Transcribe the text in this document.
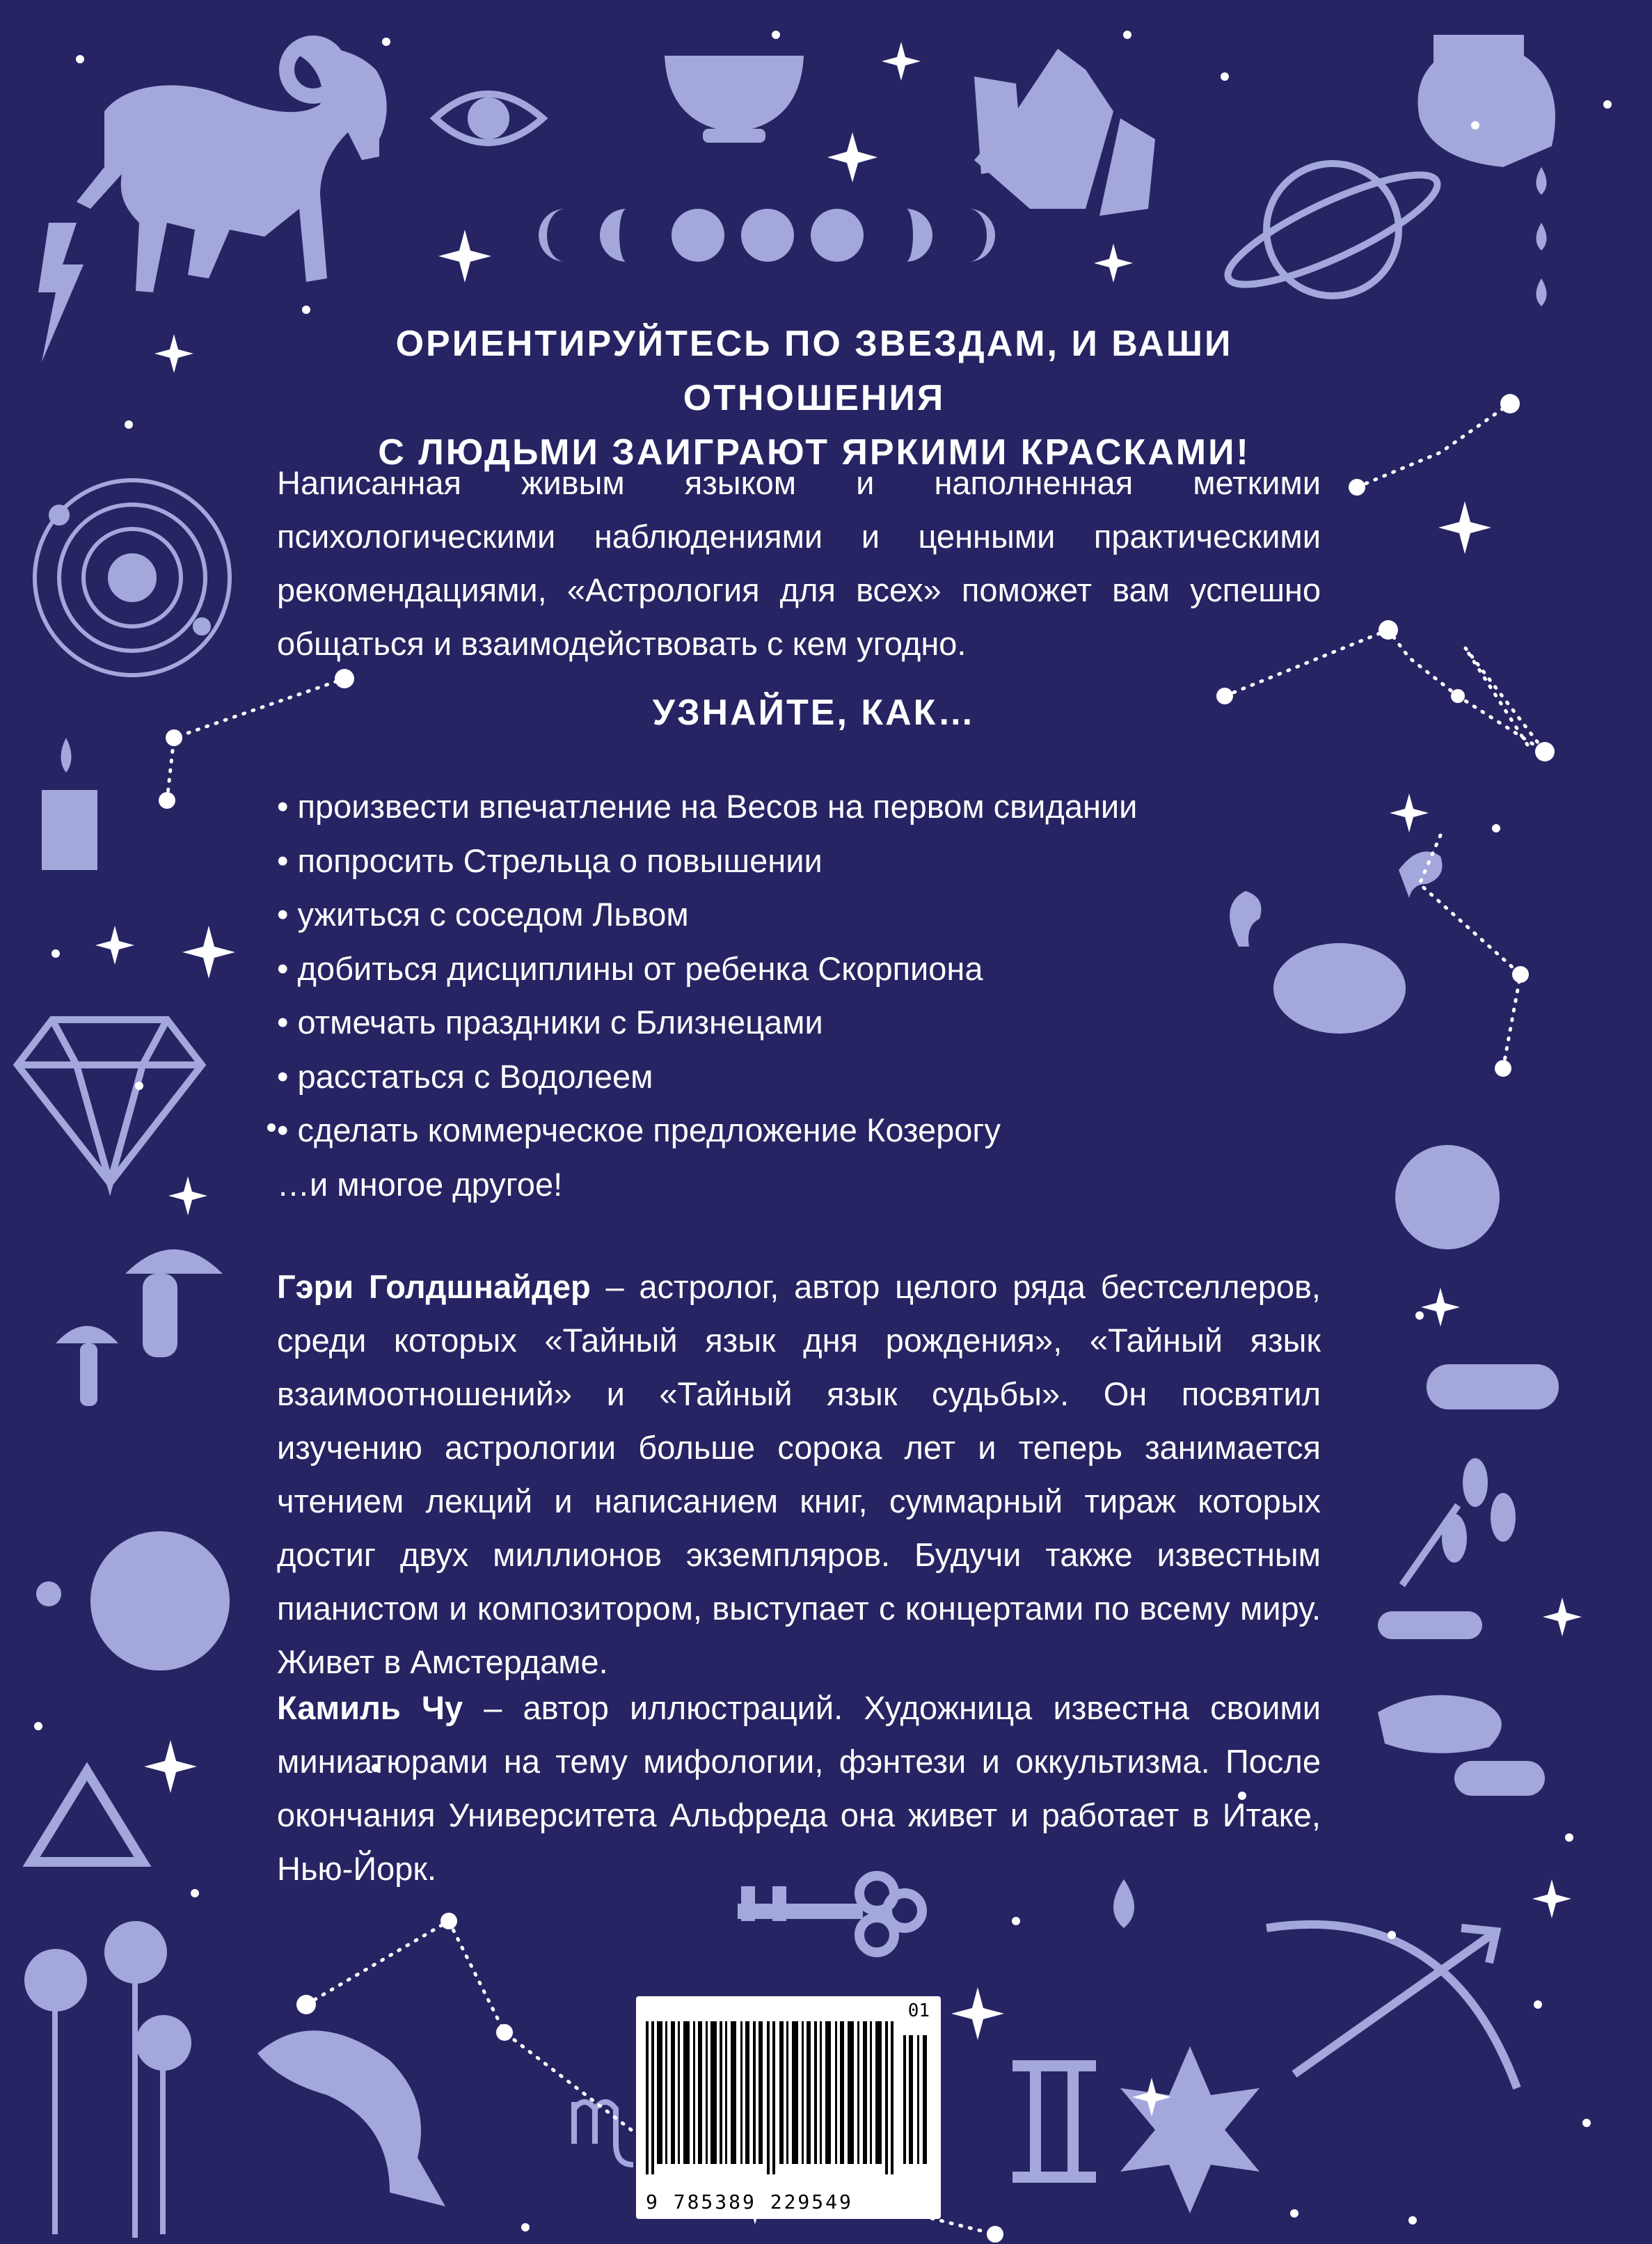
ОРИЕНТИРУЙТЕСЬ ПО ЗВЕЗДАМ, И ВАШИ ОТНОШЕНИЯ
С ЛЮДЬМИ ЗАИГРАЮТ ЯРКИМИ КРАСКАМИ!
Написанная живым языком и наполненная меткими психологическими наблюдениями и ценными практическими рекомендациями, «Астрология для всех» поможет вам успешно общаться и взаимодействовать с кем угодно.
УЗНАЙТЕ, КАК…
• произвести впечатление на Весов на первом свидании
• попросить Стрельца о повышении
• ужиться с соседом Львом
• добиться дисциплины от ребенка Скорпиона
• отмечать праздники с Близнецами
• расстаться с Водолеем
• сделать коммерческое предложение Козерогу
…и многое другое!
Гэри Голдшнайдер – астролог, автор целого ряда бестселлеров, среди которых «Тайный язык дня рождения», «Тайный язык взаимоотношений» и «Тайный язык судьбы». Он посвятил изучению астрологии больше сорока лет и теперь занимается чтением лекций и написанием книг, суммарный тираж которых достиг двух миллионов экземпляров. Будучи также известным пианистом и композитором, выступает с концертами по всему миру. Живет в Амстердаме.
Камиль Чу – автор иллюстраций. Художница известна своими миниатюрами на тему мифологии, фэнтези и оккультизма. После окончания Университета Альфреда она живет и работает в Итаке, Нью-Йорк.
01
9 785389 229549
